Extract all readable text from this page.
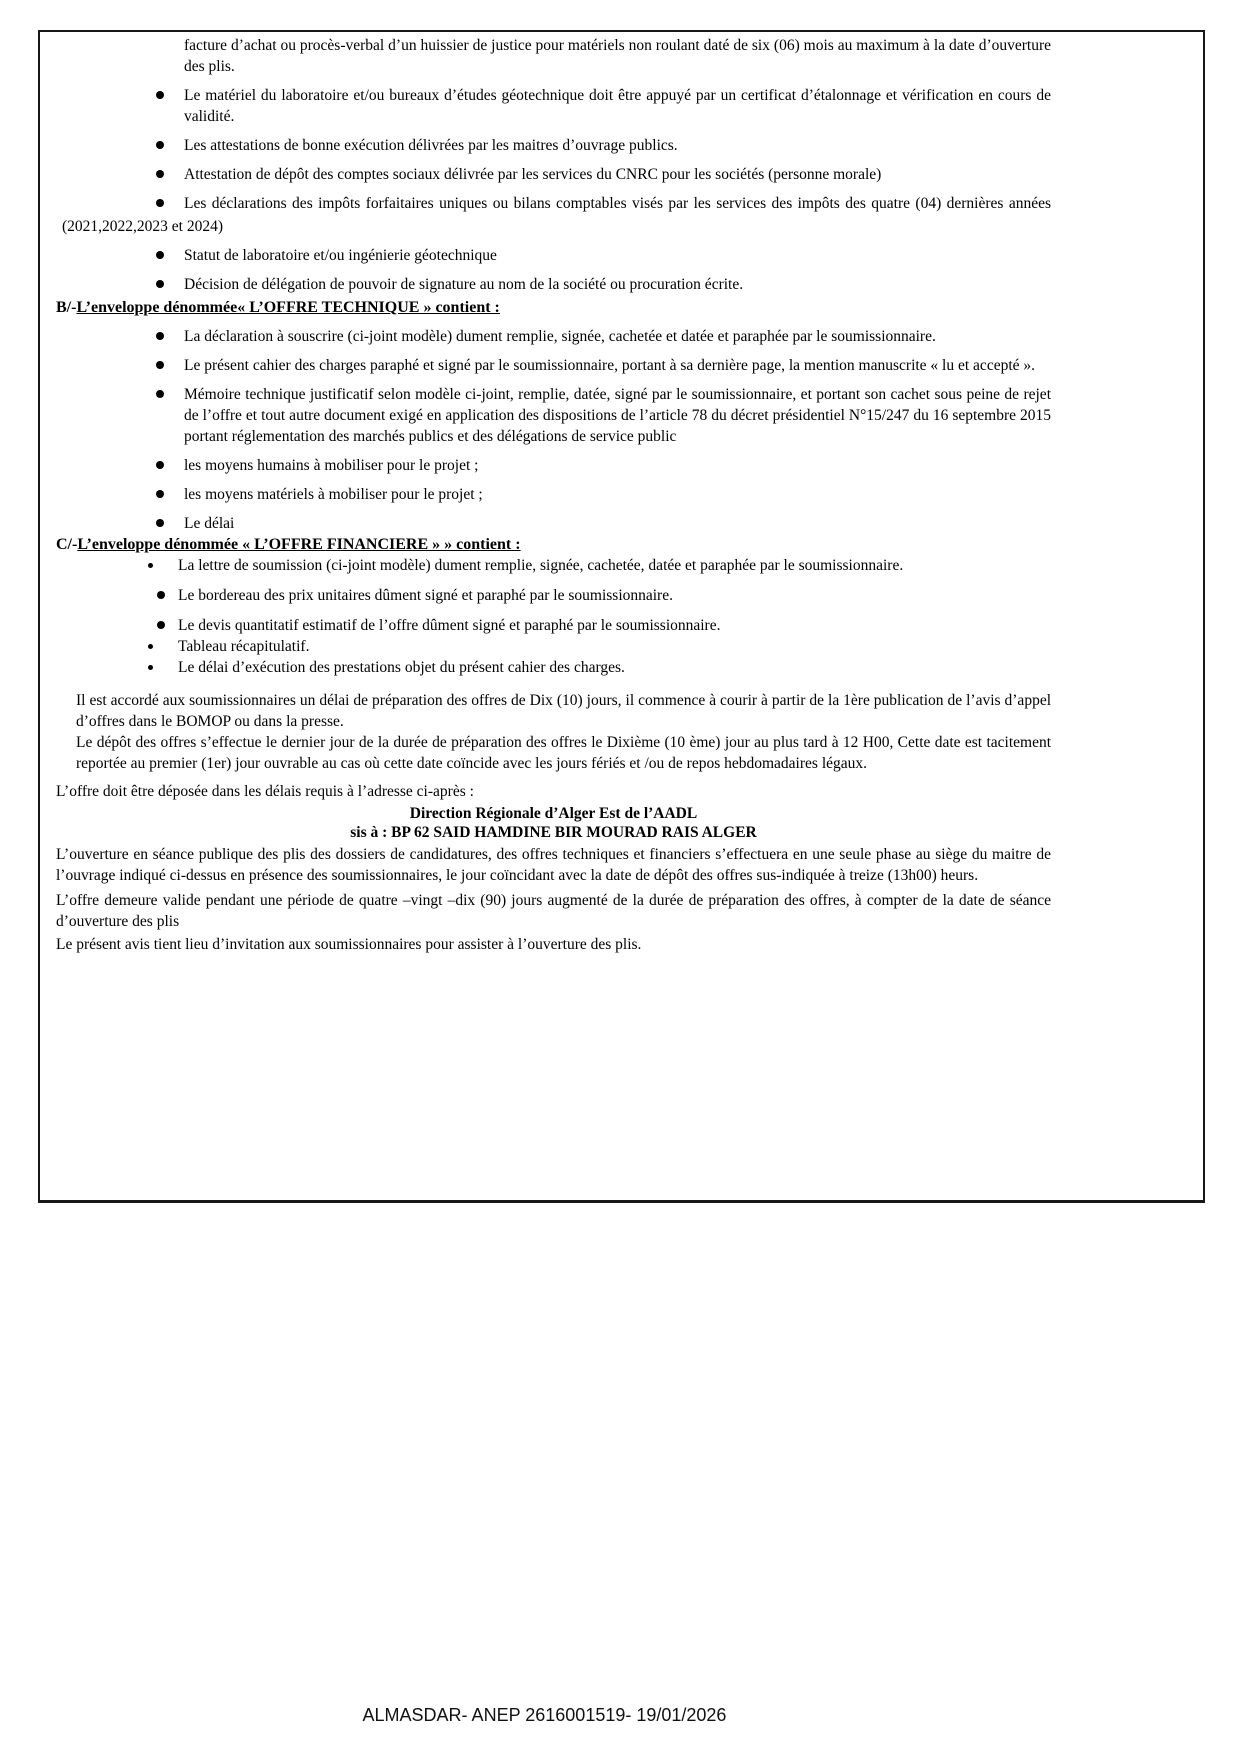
facture d’achat ou procès-verbal d’un huissier de justice pour matériels non roulant daté de six (06) mois au maximum à la date d’ouverture des plis.
Le matériel du laboratoire et/ou bureaux d’études géotechnique doit être appuyé par un certificat d’étalonnage et vérification en cours de validité.
Les attestations de bonne exécution délivrées par les maitres d’ouvrage publics.
Attestation de dépôt des comptes sociaux délivrée par les services du CNRC pour les sociétés (personne morale)
Les déclarations des impôts forfaitaires uniques ou bilans comptables visés par les services des impôts des quatre (04) dernières années
(2021,2022,2023 et 2024)
Statut de laboratoire et/ou ingénierie géotechnique
Décision de délégation de pouvoir de signature au nom de la société ou procuration écrite.
B/-L’enveloppe dénommée« L’OFFRE TECHNIQUE » contient :
La déclaration à souscrire (ci-joint modèle) dument remplie, signée, cachetée et datée et paraphée par le soumissionnaire.
Le présent cahier des charges paraphé et signé par le soumissionnaire, portant à sa dernière page, la mention manuscrite « lu et accepté ».
Mémoire technique justificatif selon modèle ci-joint, remplie, datée, signé par le soumissionnaire, et portant son cachet sous peine de rejet de l’offre et tout autre document exigé en application des dispositions de l’article 78 du décret présidentiel N°15/247 du 16 septembre 2015 portant réglementation des marchés publics et des délégations de service public
les moyens humains à mobiliser pour le projet ;
les moyens matériels à mobiliser pour le projet ;
Le délai
C/-L’enveloppe dénommée « L’OFFRE FINANCIERE » » contient :
La lettre de soumission (ci-joint modèle) dument remplie, signée, cachetée, datée et paraphée par le soumissionnaire.
Le bordereau des prix unitaires dûment signé et paraphé par le soumissionnaire.
Le devis quantitatif estimatif de l’offre dûment signé et paraphé par le soumissionnaire.
Tableau récapitulatif.
Le délai d’exécution des prestations objet du présent cahier des charges.
Il est accordé aux soumissionnaires un délai de préparation des offres de Dix (10) jours, il commence à courir à partir de la 1ère publication de l’avis d’appel d’offres dans le BOMOP ou dans la presse.
Le dépôt des offres s’effectue le dernier jour de la durée de préparation des offres le Dixième (10 ème) jour au plus tard à 12 H00, Cette date est tacitement reportée au premier (1er) jour ouvrable au cas où cette date coïncide avec les jours fériés et /ou de repos hebdomadaires légaux.
L’offre doit être déposée dans les délais requis à l’adresse ci-après :
Direction Régionale d’Alger Est de l’AADL
sis à : BP 62 SAID HAMDINE BIR MOURAD RAIS ALGER
L’ouverture en séance publique des plis des dossiers de candidatures, des offres techniques et financiers s’effectuera en une seule phase au siège du maitre de l’ouvrage indiqué ci-dessus en présence des soumissionnaires, le jour coïncidant avec la date de dépôt des offres sus-indiquée à treize (13h00) heurs.
L’offre demeure valide pendant une période de quatre –vingt –dix (90) jours augmenté de la durée de préparation des offres, à compter de la date de séance d’ouverture des plis
Le présent avis tient lieu d’invitation aux soumissionnaires pour assister à l’ouverture des plis.
ALMASDAR- ANEP 2616001519- 19/01/2026
